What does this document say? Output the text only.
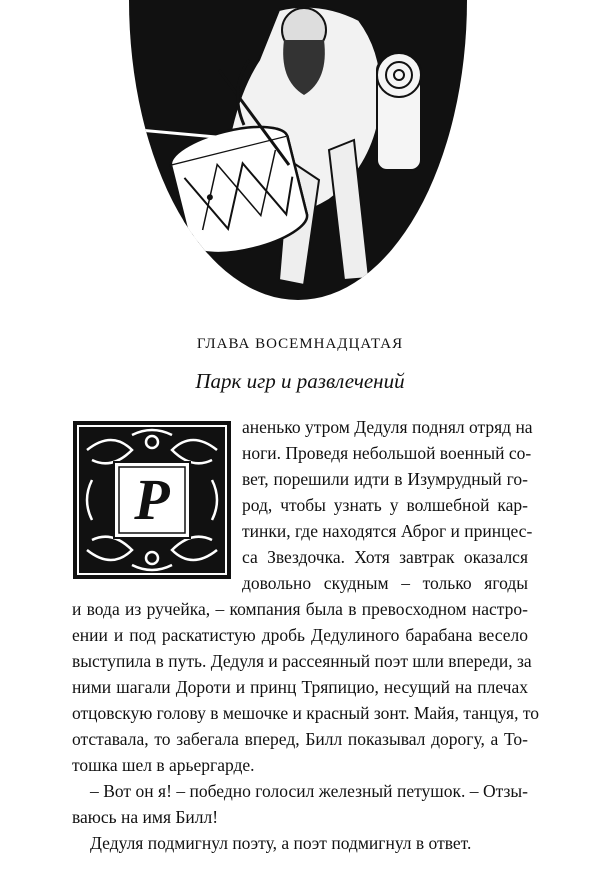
ГЛАВА ВОСЕМНАДЦАТАЯ
Парк игр и развлечений
Р
аненько утром Дедуля поднял отряд на
ноги. Проведя небольшой военный со-
вет, порешили идти в Изумрудный го-
род, чтобы узнать у волшебной кар-
тинки, где находятся Аброг и принцес-
са Звездочка. Хотя завтрак оказался
довольно скудным – только ягоды
и вода из ручейка, – компания была в превосходном настро-
ении и под раскатистую дробь Дедулиного барабана весело
выступила в путь. Дедуля и рассеянный поэт шли впереди, за
ними шагали Дороти и принц Тряпицио, несущий на плечах
отцовскую голову в мешочке и красный зонт. Майя, танцуя, то
отставала, то забегала вперед, Билл показывал дорогу, а То-
тошка шел в арьергарде.
– Вот он я! – победно голосил железный петушок. – Отзы-
ваюсь на имя Билл!
Дедуля подмигнул поэту, а поэт подмигнул в ответ.
